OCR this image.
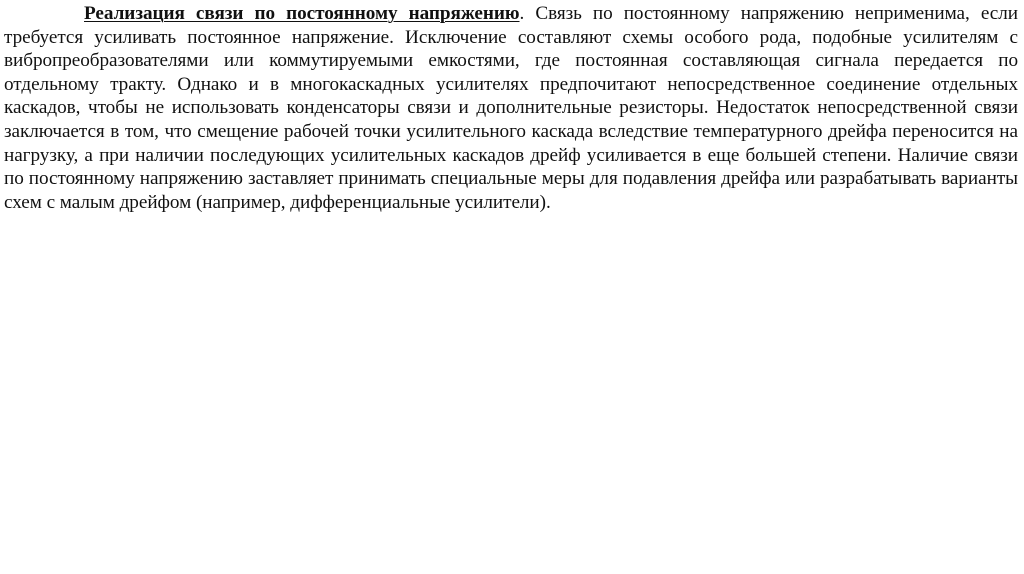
Реализация связи по постоянному напряжению. Связь по постоянному напряжению неприменима, если требуется усиливать постоянное напряжение. Исключение составляют схемы особого рода, подобные усилителям с вибропреобразователями или коммутируемыми емкостями, где постоянная составляющая сигнала передается по отдельному тракту. Однако и в многокаскадных усилителях предпочитают непосредственное соединение отдельных каскадов, чтобы не использовать конденсаторы связи и дополнительные резисторы. Недостаток непосредственной связи заключается в том, что смещение рабочей точки усилительного каскада вследствие температурного дрейфа переносится на нагрузку, а при наличии последующих усилительных каскадов дрейф усиливается в еще большей степени. Наличие связи по постоянному напряжению заставляет принимать специальные меры для подавления дрейфа или разрабатывать варианты схем с малым дрейфом (например, дифференциальные усилители).
